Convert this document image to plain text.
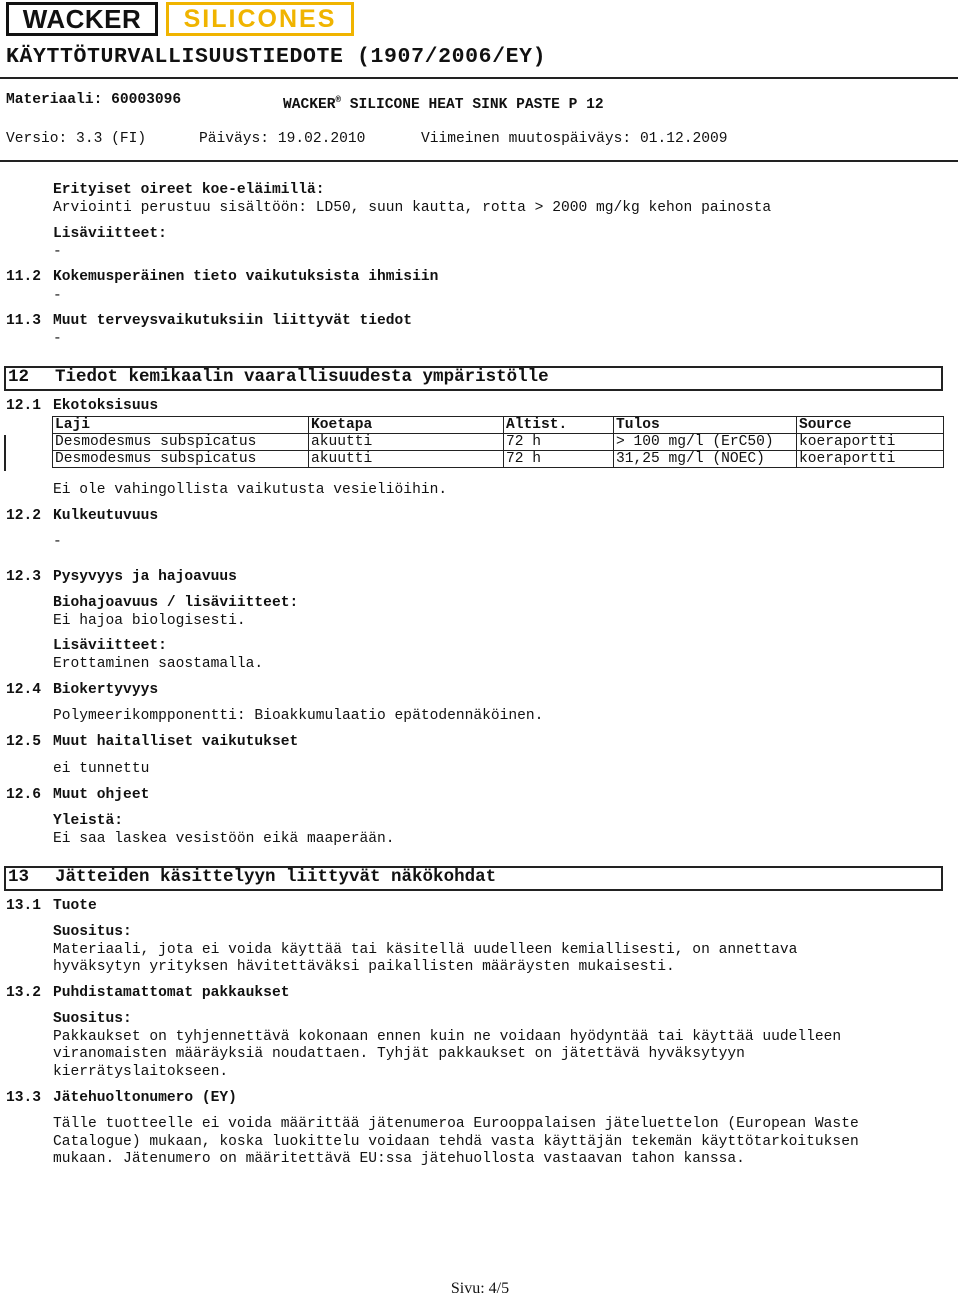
WACKER	SILICONES
KÄYTTÖTURVALLISUUSTIEDOTE (1907/2006/EY)
Materiaali: 60003096	WACKER® SILICONE HEAT SINK PASTE P 12
Versio: 3.3 (FI)	Päiväys: 19.02.2010	Viimeinen muutospäiväys: 01.12.2009
Erityiset oireet koe-eläimillä:
Arviointi perustuu sisältöön: LD50, suun kautta, rotta > 2000 mg/kg kehon painosta
Lisäviitteet:
-
11.2 Kokemusperäinen tieto vaikutuksista ihmisiin
-
11.3 Muut terveysvaikutuksiin liittyvät tiedot
-
12 Tiedot kemikaalin vaarallisuudesta ympäristölle
12.1 Ekotoksisuus
Laji	Koetapa	Altist.	Tulos	Source
Desmodesmus subspicatus	akuutti	72 h	> 100 mg/l (ErC50)	koeraportti
Desmodesmus subspicatus	akuutti	72 h	31,25 mg/l (NOEC)	koeraportti
Ei ole vahingollista vaikutusta vesieliöihin.
12.2 Kulkeutuvuus
-
12.3 Pysyvyys ja hajoavuus
Biohajoavuus / lisäviitteet:
Ei hajoa biologisesti.
Lisäviitteet:
Erottaminen saostamalla.
12.4 Biokertyvyys
Polymeerikompponentti: Bioakkumulaatio epätodennäköinen.
12.5 Muut haitalliset vaikutukset
ei tunnettu
12.6 Muut ohjeet
Yleistä:
Ei saa laskea vesistöön eikä maaperään.
13 Jätteiden käsittelyyn liittyvät näkökohdat
13.1 Tuote
Suositus:
Materiaali, jota ei voida käyttää tai käsitellä uudelleen kemiallisesti, on annettava
hyväksytyn yrityksen hävitettäväksi paikallisten määräysten mukaisesti.
13.2 Puhdistamattomat pakkaukset
Suositus:
Pakkaukset on tyhjennettävä kokonaan ennen kuin ne voidaan hyödyntää tai käyttää uudelleen
viranomaisten määräyksiä noudattaen. Tyhjät pakkaukset on jätettävä hyväksytyyn
kierrätyslaitokseen.
13.3 Jätehuoltonumero (EY)
Tälle tuotteelle ei voida määrittää jätenumeroa Eurooppalaisen jäteluettelon (European Waste
Catalogue) mukaan, koska luokittelu voidaan tehdä vasta käyttäjän tekemän käyttötarkoituksen
mukaan. Jätenumero on määritettävä EU:ssa jätehuollosta vastaavan tahon kanssa.
Sivu: 4/5
